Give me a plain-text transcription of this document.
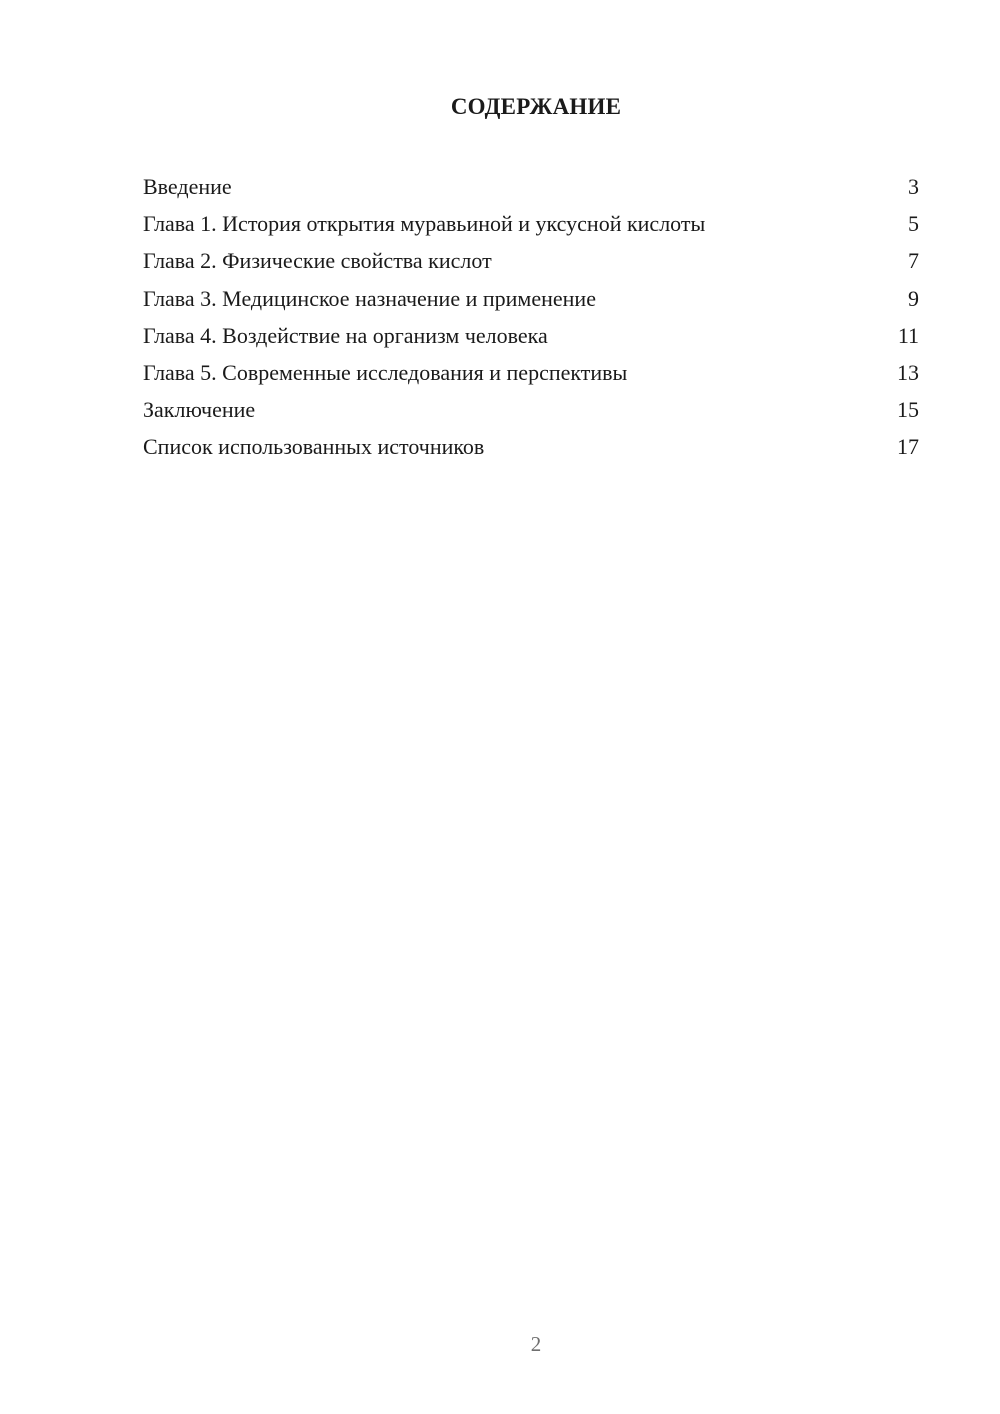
СОДЕРЖАНИЕ
Введение	3
Глава 1. История открытия муравьиной и уксусной кислоты	5
Глава 2. Физические свойства кислот	7
Глава 3. Медицинское назначение и применение	9
Глава 4. Воздействие на организм человека	11
Глава 5. Современные исследования и перспективы	13
Заключение	15
Список использованных источников	17
2
